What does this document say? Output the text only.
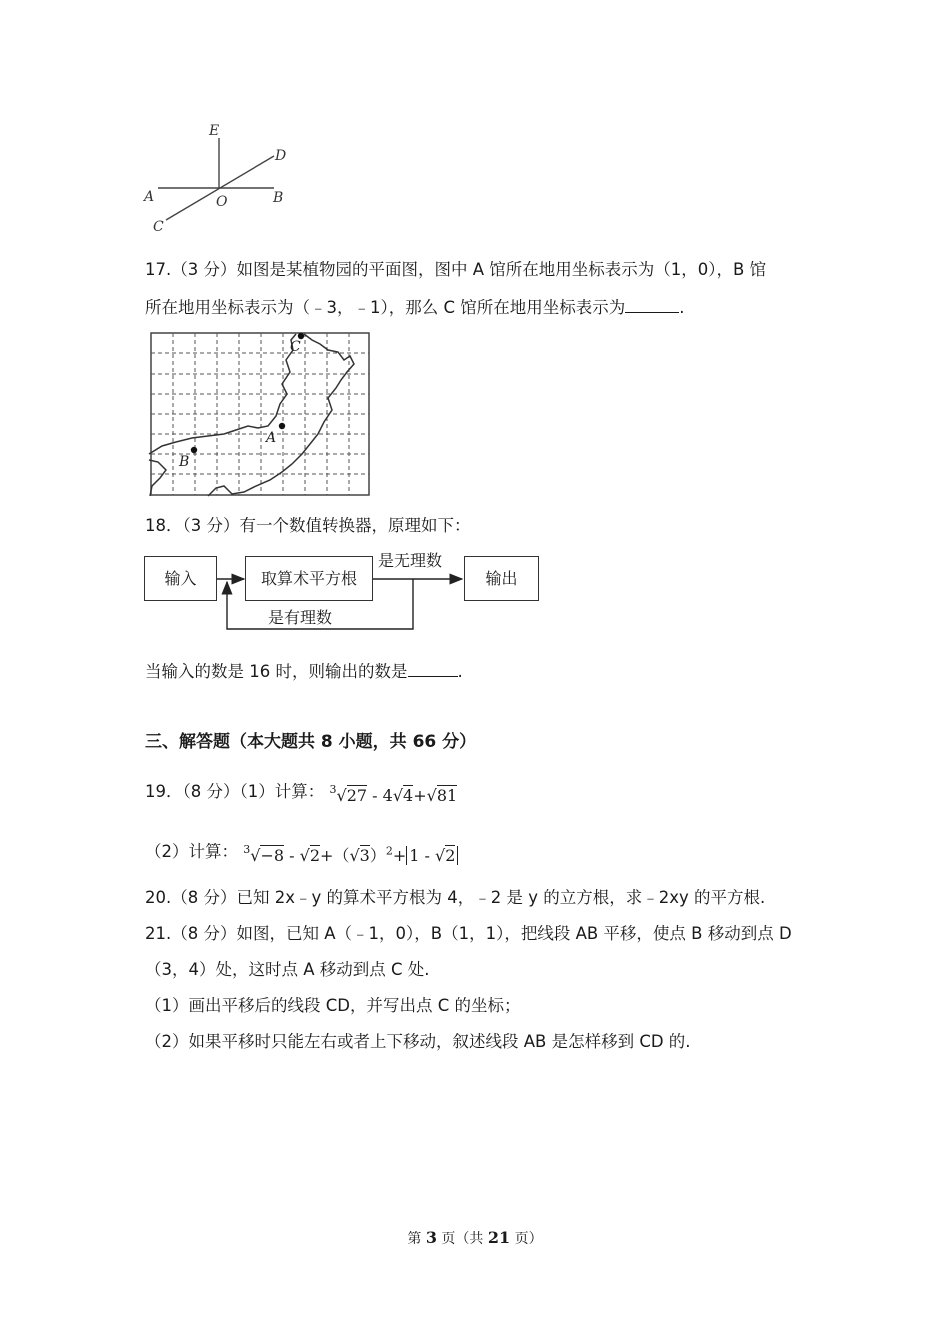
E
D
A	O	B
C
17.（3 分）如图是某植物园的平面图，图中 A 馆所在地用坐标表示为（1，0），B 馆
所在地用坐标表示为（﹣3，﹣1），那么 C 馆所在地用坐标表示为	.
C
A
B
18．（3 分）有一个数值转换器，原理如下：
输入	取算术平方根	输出
是无理数
是有理数
当输入的数是 16 时，则输出的数是	.
三、解答题（本大题共 8 小题，共 66 分）
19．（8 分）（1）计算： $^3$√27 - 4√4+√81
（2）计算： $^3√-8 - √2+(√3)^2+ 1 - √2$
20.（8 分）已知 2x﹣y 的算术平方根为 4，﹣2 是 y 的立方根，求﹣2xy 的平方根.
21.（8 分）如图，已知 A（﹣1，0），B（1，1），把线段 AB 平移，使点 B 移动到点 D
（3，4）处，这时点 A 移动到点 C 处.
（1）画出平移后的线段 CD，并写出点 C 的坐标；
（2）如果平移时只能左右或者上下移动，叙述线段 AB 是怎样移到 CD 的.
第 3 页（共 21 页）
